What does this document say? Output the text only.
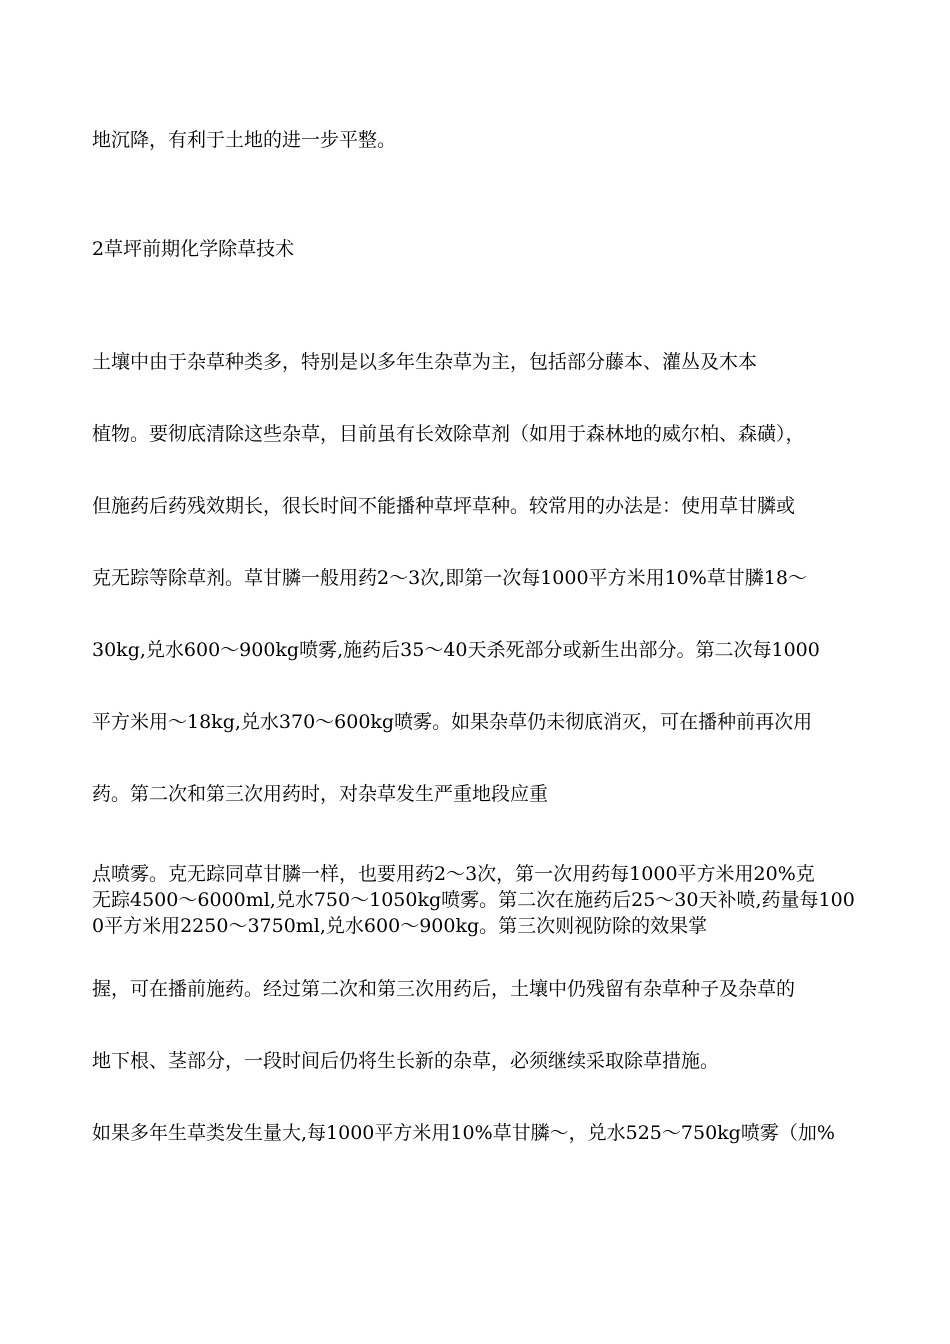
地沉降，有利于土地的进一步平整。
2草坪前期化学除草技术
土壤中由于杂草种类多，特别是以多年生杂草为主，包括部分藤本、灌丛及木本
植物。要彻底清除这些杂草，目前虽有长效除草剂（如用于森林地的威尔柏、森磺），
但施药后药残效期长，很长时间不能播种草坪草种。较常用的办法是：使用草甘膦或
克无踪等除草剂。草甘膦一般用药2～3次,即第一次每1000平方米用10%草甘膦18～
30kg,兑水600～900kg喷雾,施药后35～40天杀死部分或新生出部分。第二次每1000
平方米用～18kg,兑水370～600kg喷雾。如果杂草仍未彻底消灭，可在播种前再次用
药。第二次和第三次用药时，对杂草发生严重地段应重
点喷雾。克无踪同草甘膦一样，也要用药2～3次，第一次用药每1000平方米用20%克
无踪4500～6000ml,兑水750～1050kg喷雾。第二次在施药后25～30天补喷,药量每100
0平方米用2250～3750ml,兑水600～900kg。第三次则视防除的效果掌
握，可在播前施药。经过第二次和第三次用药后，土壤中仍残留有杂草种子及杂草的
地下根、茎部分，一段时间后仍将生长新的杂草，必须继续采取除草措施。
如果多年生草类发生量大,每1000平方米用10%草甘膦～，兑水525～750kg喷雾（加%
